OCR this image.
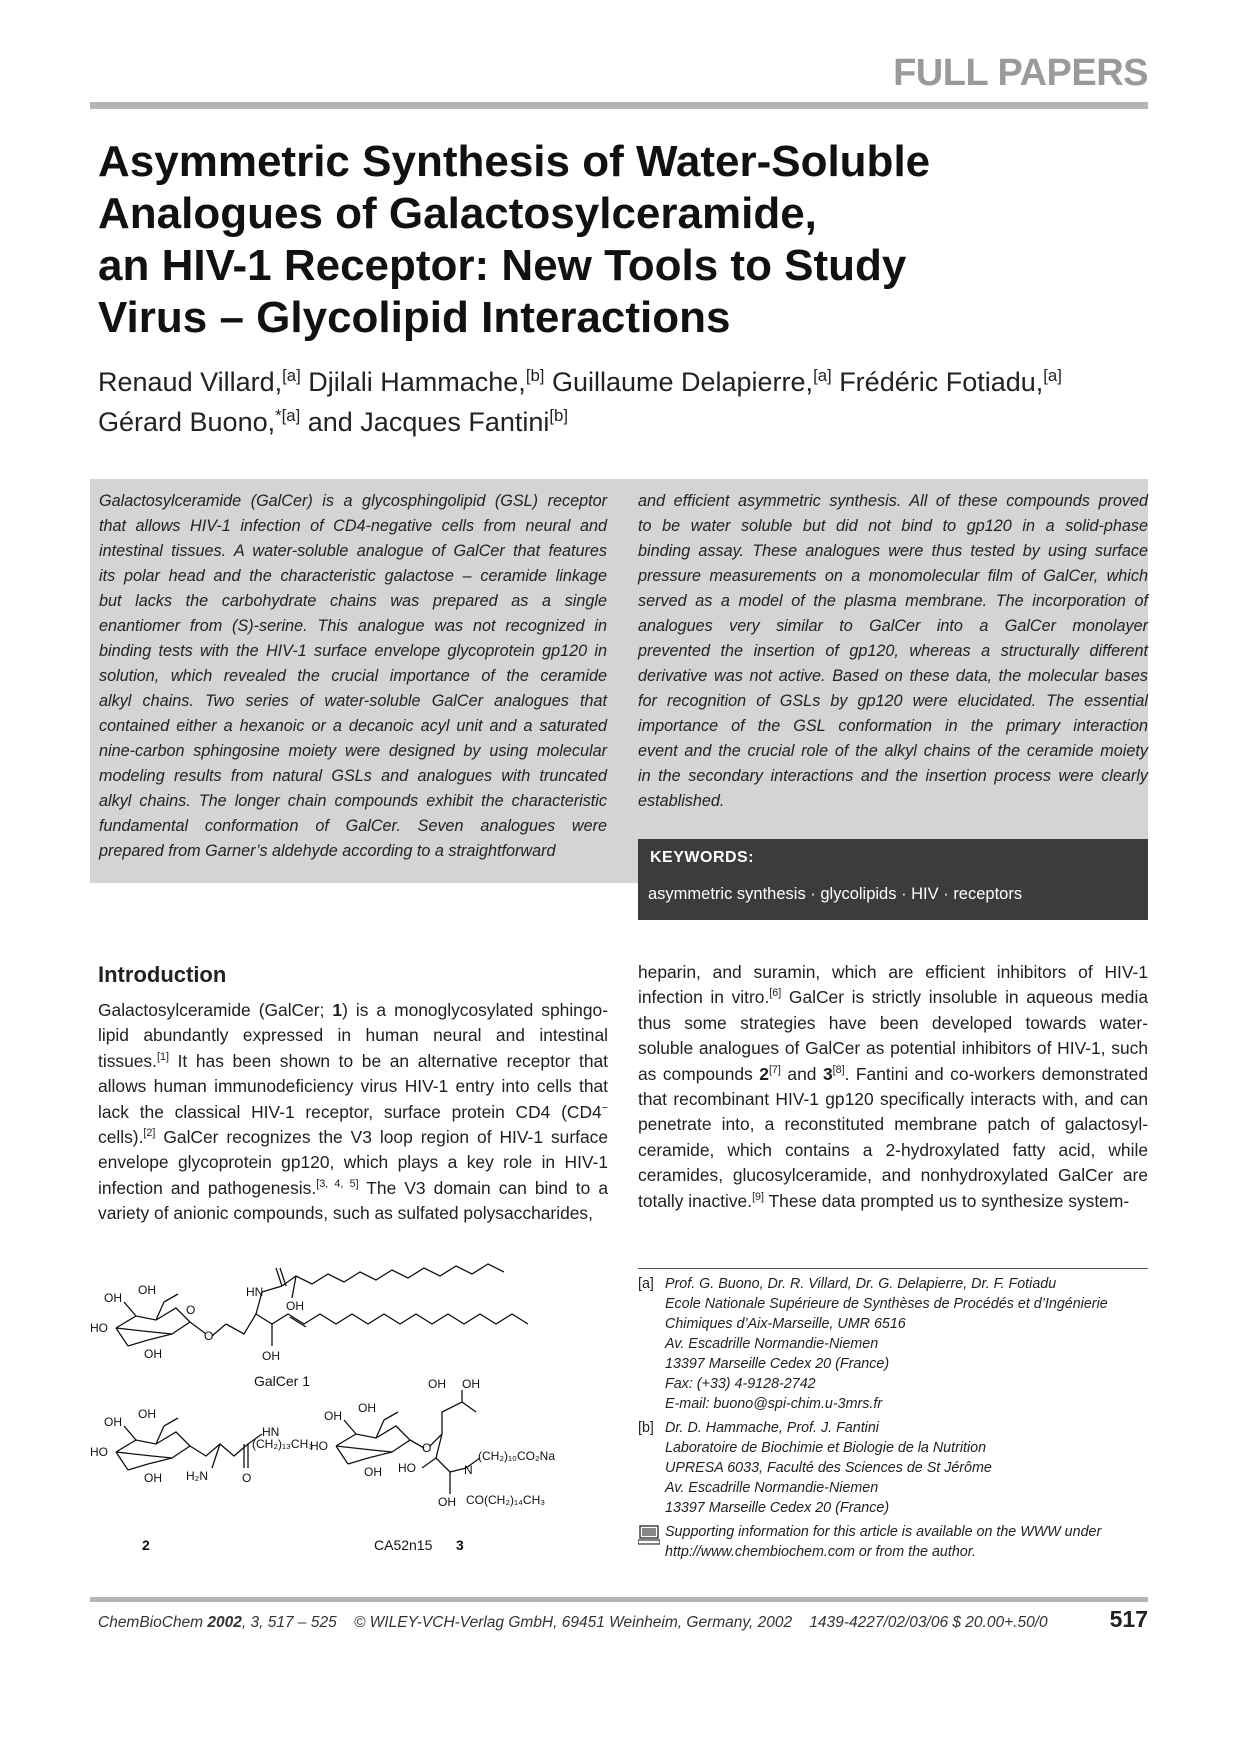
FULL PAPERS
Asymmetric Synthesis of Water-Soluble
Analogues of Galactosylceramide,
an HIV-1 Receptor: New Tools to Study
Virus – Glycolipid Interactions
Renaud Villard,[a] Djilali Hammache,[b] Guillaume Delapierre,[a] Frédéric Fotiadu,[a]
Gérard Buono,$^{*[a]}$ and Jacques Fantini[b]
Galactosylceramide (GalCer) is a glycosphingolipid (GSL) receptor
that allows HIV-1 infection of CD4-negative cells from neural and
intestinal tissues. A water-soluble analogue of GalCer that features
its polar head and the characteristic galactose – ceramide linkage
but lacks the carbohydrate chains was prepared as a single
enantiomer from (S)-serine. This analogue was not recognized in
binding tests with the HIV-1 surface envelope glycoprotein gp120 in
solution, which revealed the crucial importance of the ceramide
alkyl chains. Two series of water-soluble GalCer analogues that
contained either a hexanoic or a decanoic acyl unit and a saturated
nine-carbon sphingosine moiety were designed by using molecular
modeling results from natural GSLs and analogues with truncated
alkyl chains. The longer chain compounds exhibit the characteristic
fundamental conformation of GalCer. Seven analogues were
prepared from Garner’s aldehyde according to a straightforward
and efficient asymmetric synthesis. All of these compounds proved
to be water soluble but did not bind to gp120 in a solid-phase
binding assay. These analogues were thus tested by using surface
pressure measurements on a monomolecular film of GalCer, which
served as a model of the plasma membrane. The incorporation of
analogues very similar to GalCer into a GalCer monolayer
prevented the insertion of gp120, whereas a structurally different
derivative was not active. Based on these data, the molecular bases
for recognition of GSLs by gp120 were elucidated. The essential
importance of the GSL conformation in the primary interaction
event and the crucial role of the alkyl chains of the ceramide moiety
in the secondary interactions and the insertion process were clearly
established.
KEYWORDS:
asymmetric synthesis · glycolipids · HIV · receptors
Introduction
Galactosylceramide (GalCer; 1) is a monoglycosylated sphingo-
lipid abundantly expressed in human neural and intestinal
tissues.[1] It has been shown to be an alternative receptor that
allows human immunodeficiency virus HIV-1 entry into cells that
lack the classical HIV-1 receptor, surface protein CD4 (CD4−
cells).[2] GalCer recognizes the V3 loop region of HIV-1 surface
envelope glycoprotein gp120, which plays a key role in HIV-1
infection and pathogenesis.[3, 4, 5] The V3 domain can bind to a
variety of anionic compounds, such as sulfated polysaccharides,
heparin, and suramin, which are efficient inhibitors of HIV-1
infection in vitro.[6] GalCer is strictly insoluble in aqueous media
thus some strategies have been developed towards water-
soluble analogues of GalCer as potential inhibitors of HIV-1, such
as compounds 2[7] and 3[8]. Fantini and co-workers demonstrated
that recombinant HIV-1 gp120 specifically interacts with, and can
penetrate into, a reconstituted membrane patch of galactosyl-
ceramide, which contains a 2-hydroxylated fatty acid, while
ceramides, glucosylceramide, and nonhydroxylated GalCer are
totally inactive.[9] These data prompted us to synthesize system-
OH
OH
HO
OH
O
O
HN
OH
OH
GalCer 1
OH
OH
HO
OH H₂N
HN
(CH₂)₁₃CH₃
O
2
OH
OH
HO
OH
O
OH OH
HO	N
(CH₂)₁₀CO₂Na
OH CO(CH₂)₁₄CH₃
CA52n15 3
[a] Prof. G. Buono, Dr. R. Villard, Dr. G. Delapierre, Dr. F. Fotiadu
Ecole Nationale Supérieure de Synthèses de Procédés et d’Ingénierie
Chimiques d’Aix-Marseille, UMR 6516
Av. Escadrille Normandie-Niemen
13397 Marseille Cedex 20 (France)
Fax: (+33) 4-9128-2742
E-mail: buono@spi-chim.u-3mrs.fr
[b] Dr. D. Hammache, Prof. J. Fantini
Laboratoire de Biochimie et Biologie de la Nutrition
UPRESA 6033, Faculté des Sciences de St Jérôme
Av. Escadrille Normandie-Niemen
13397 Marseille Cedex 20 (France)
Supporting information for this article is available on the WWW under
http://www.chembiochem.com or from the author.
ChemBioChem 2002, 3, 517 – 525 © WILEY-VCH-Verlag GmbH, 69451 Weinheim, Germany, 2002 1439-4227/02/03/06 $ 20.00+.50/0	517
